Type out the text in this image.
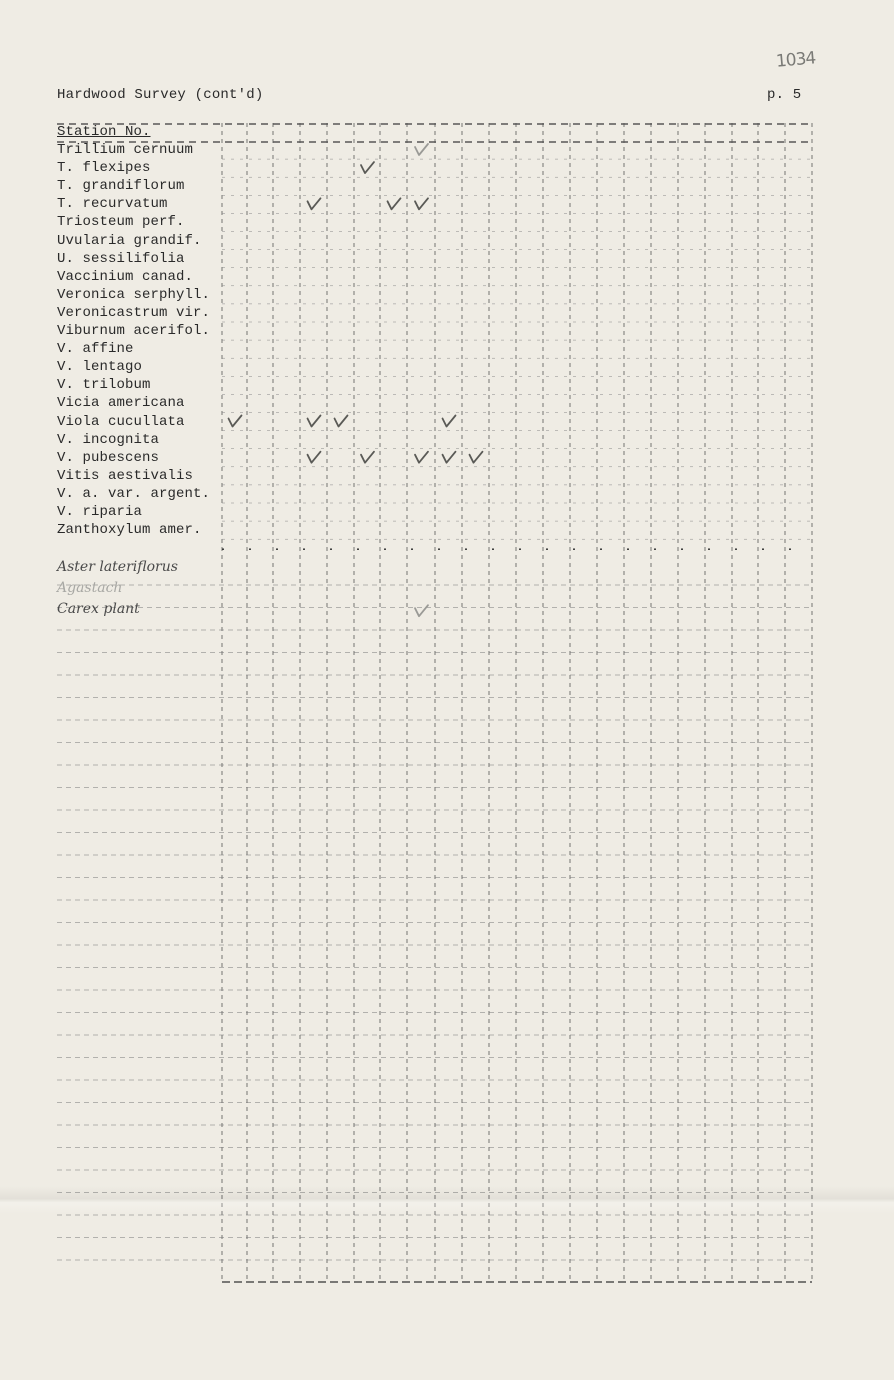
Hardwood Survey (cont'd)	p. 5
1034
Station No.
Trillium cernuum
T. flexipes
T. grandiflorum
T. recurvatum
Triosteum perf.
Uvularia grandif.
U. sessilifolia
Vaccinium canad.
Veronica serphyll.
Veronicastrum vir.
Viburnum acerifol.
V. affine
V. lentago
V. trilobum
Vicia americana
Viola cucullata
V. incognita
V. pubescens
Vitis aestivalis
V. a. var. argent.
V. riparia
Zanthoxylum amer.
Aster lateriflorus
Agastach
Carex plant
